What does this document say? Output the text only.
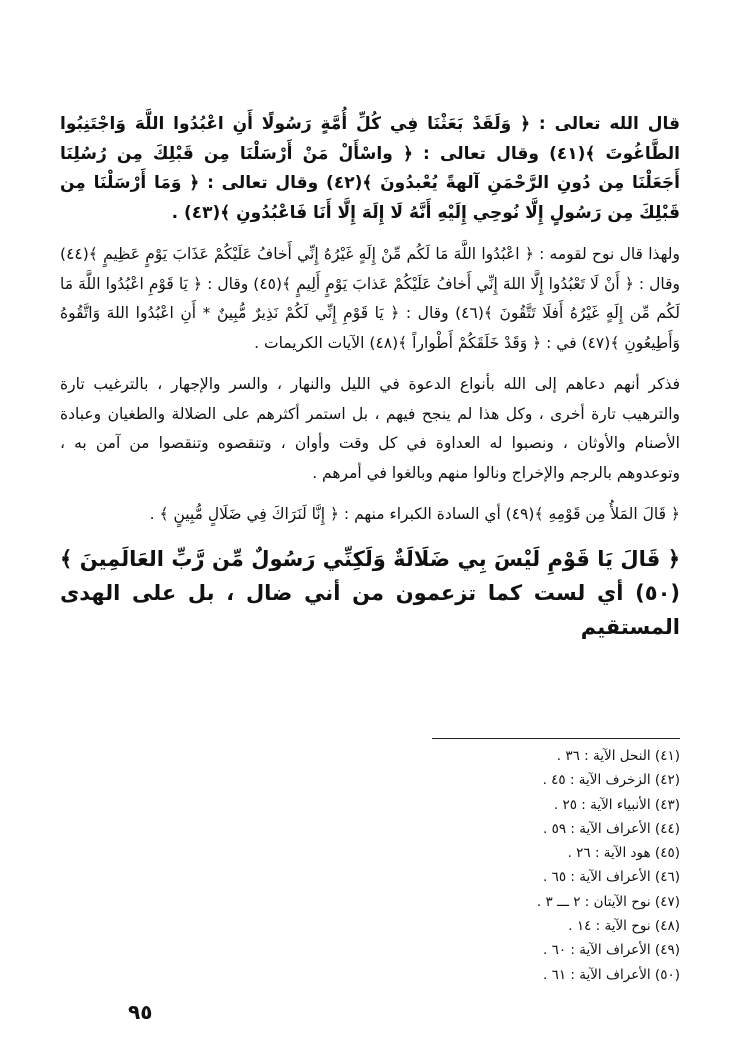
قال الله تعالى : ﴿ وَلَقَدْ بَعَثْنَا فِي كُلِّ أُمَّةٍ رَسُولًا أَنِ اعْبُدُوا اللَّهَ وَاجْتَنِبُوا الطَّاغُوتَ ﴾(٤١) وقال تعالى : ﴿ واسْأَلْ مَنْ أَرْسَلْنَا مِن قَبْلِكَ مِن رُسُلِنَا أَجَعَلْنَا مِن دُونِ الرَّحْمَنِ آلهةً يُعْبدُونَ ﴾(٤٢) وقال تعالى : ﴿ وَمَا أَرْسَلْنَا مِن قَبْلِكَ مِن رَسُولٍ إِلَّا نُوحِي إِلَيْهِ أَنَّهُ لَا إِلَهَ إِلَّا أَنَا فَاعْبُدُونِ ﴾(٤٣) .

ولهذا قال نوح لقومه : ﴿ اعْبُدُوا اللَّهَ مَا لَكُم مِّنْ إِلَهٍ غَيْرُهُ إِنِّي أَخافُ عَلَيْكُمْ عَذَابَ يَوْمٍ عَظِيمٍ ﴾(٤٤) وقال : ﴿ أَنْ لَا تَعْبُدُوا إِلَّا اللهَ إِنِّي أَخافُ عَلَيْكُمْ عَذابَ يَوْمٍ أَلِيمٍ ﴾(٤٥) وقال : ﴿ يَا قَوْمِ اعْبُدُوا اللَّهَ مَا لَكُم مِّن إِلَهٍ غَيْرُهُ أَفلَا تَتَّقُونَ ﴾(٤٦) وقال : ﴿ يَا قَوْمِ إِنِّي لَكُمْ نَذِيرٌ مُّبِينٌ * أَنِ اعْبُدُوا اللهَ وَاتَّقُوهُ وَأَطِيعُونِ ﴾(٤٧) في : ﴿ وَقَدْ خَلَقَكُمْ أَطْواراً ﴾(٤٨) الآيات الكريمات .

فذكر أنهم دعاهم إلى الله بأنواع الدعوة في الليل والنهار ، والسر والإجهار ، بالترغيب تارة والترهيب تارة أخرى ، وكل هذا لم ينجح فيهم ، بل استمر أكثرهم على الضلالة والطغيان وعبادة الأصنام والأوثان ، ونصبوا له العداوة في كل وقت وأوان ، وتنقصوه وتنقصوا من آمن به ، وتوعدوهم بالرجم والإخراج ونالوا منهم وبالغوا في أمرهم .

﴿ قَالَ المَلأُ مِن قَوْمِهِ ﴾(٤٩) أي السادة الكبراء منهم : ﴿ إِنَّا لَنَرَاكَ فِي ضَلَالٍ مُّبِينٍ ﴾ .

﴿ قَالَ يَا قَوْمِ لَيْسَ بِي ضَلَالَةٌ وَلَكِنِّي رَسُولٌ مِّن رَّبِّ العَالَمِينَ ﴾(٥٠) أي لست كما تزعمون من أني ضال ، بل على الهدى المستقيم

(٤١) النحل الآية : ٣٦ .
(٤٢) الزخرف الآية : ٤٥ .
(٤٣) الأنبياء الآية : ٢٥ .
(٤٤) الأعراف الآية : ٥٩ .
(٤٥) هود الآية : ٢٦ .
(٤٦) الأعراف الآية : ٦٥ .
(٤٧) نوح الآيتان : ٢ ـــ ٣ .
(٤٨) نوح الآية : ١٤ .
(٤٩) الأعراف الآية : ٦٠ .
(٥٠) الأعراف الآية : ٦١ .
٩٥
